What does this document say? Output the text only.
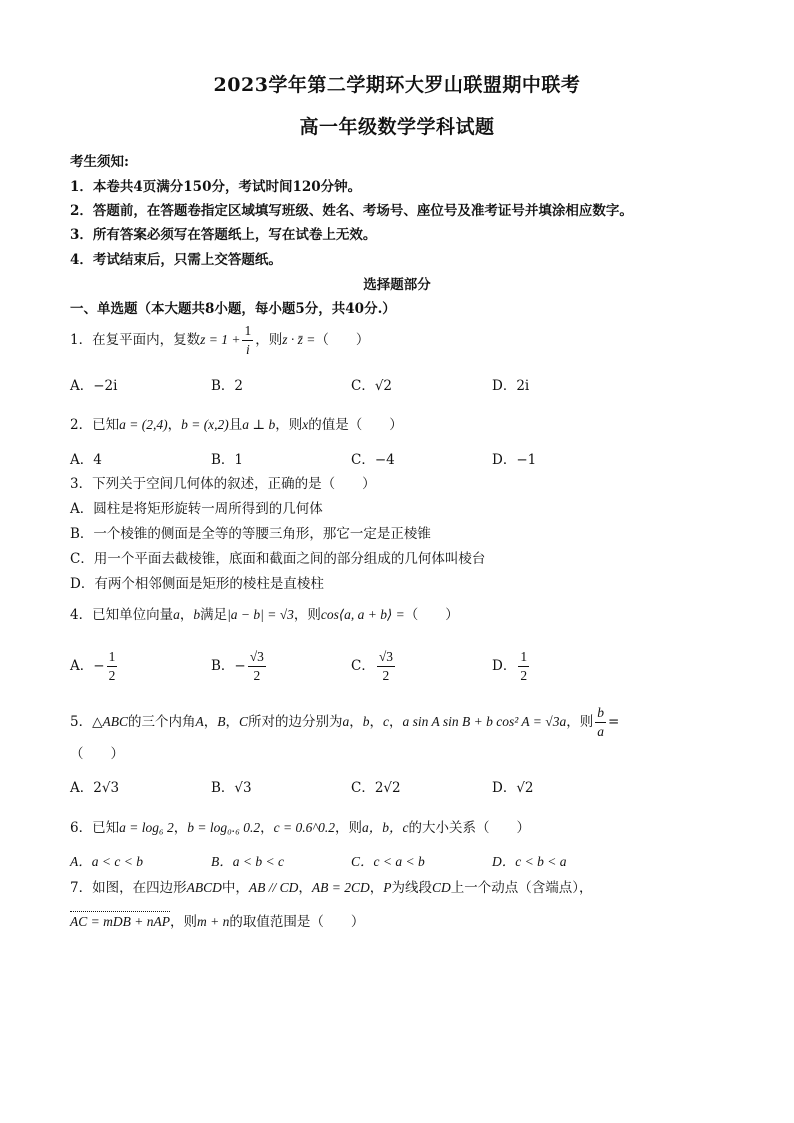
2023学年第二学期环大罗山联盟期中联考
高一年级数学学科试题
考生须知:
1．本卷共4页满分150分，考试时间120分钟。
2．答题前，在答题卷指定区域填写班级、姓名、考场号、座位号及准考证号并填涂相应数字。
3．所有答案必须写在答题纸上，写在试卷上无效。
4．考试结束后，只需上交答题纸。
选择题部分
一、单选题（本大题共8小题，每小题5分，共40分.）
1．在复平面内，复数$z = 1 + \frac{1}{i}$ ，则z · z̄ =（　　）
A．−2i	B．2	C．√2	D．2i
2．已知a = (2,4)，b = (x,2)且a ⊥ b，则x的值是（　　）
A．4	B．1	C．−4	D．−1
3．下列关于空间几何体的叙述，正确的是（　　）
A．圆柱是将矩形旋转一周所得到的几何体
B．一个棱锥的侧面是全等的等腰三角形，那它一定是正棱锥
C．用一个平面去截棱锥，底面和截面之间的部分组成的几何体叫棱台
D．有两个相邻侧面是矩形的棱柱是直棱柱
4．已知单位向量a，b满足|a − b| = √3，则cos⟨a, a + b⟩ =（　　）
A．− $\frac{1}{2}$	B．− $\frac{√3}{2}$	C． $\frac{√3}{2}$	D． $\frac{1}{2}$
5．△ABC的三个内角A，B，C所对的边分别为a，b，c，a sin A sin B + b cos² A = √3a，则 $\frac{b}{a}$ =
（　　）
A．2√3	B．√3	C．2√2	D．√2
6．已知a = log₆ 2，b = log₀.₆ 0.2，c = 0.6^0.2，则a，b，c的大小关系（　　）
A．a < c < b	B．a < b < c	C．c < a < b	D．c < b < a
7．如图，在四边形ABCD中，AB // CD，AB = 2CD，P为线段CD上一个动点（含端点），
AC = mDB + nAP，则m + n的取值范围是（　　）
